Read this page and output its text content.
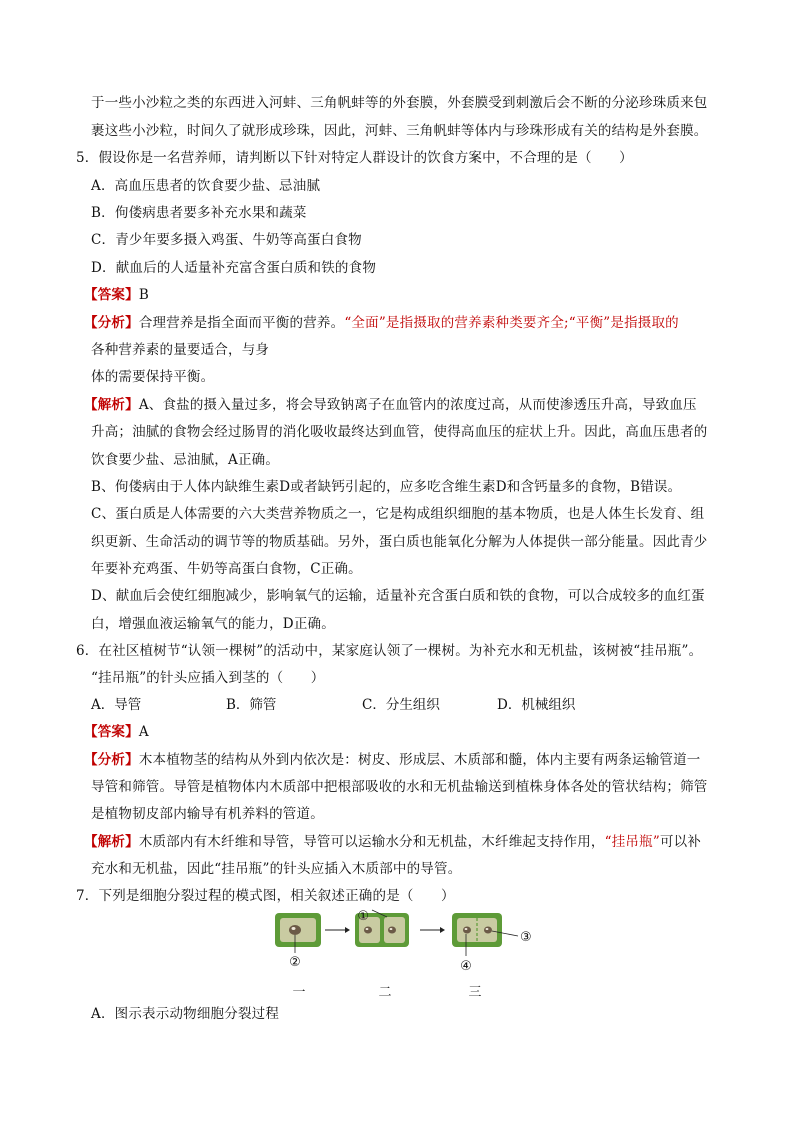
于一些小沙粒之类的东西进入河蚌、三角帆蚌等的外套膜，外套膜受到刺激后会不断的分泌珍珠质来包
裹这些小沙粒，时间久了就形成珍珠，因此，河蚌、三角帆蚌等体内与珍珠形成有关的结构是外套膜。
5．假设你是一名营养师，请判断以下针对特定人群设计的饮食方案中，不合理的是（　　）
A．高血压患者的饮食要少盐、忌油腻
B．佝偻病患者要多补充水果和蔬菜
C．青少年要多摄入鸡蛋、牛奶等高蛋白食物
D．献血后的人适量补充富含蛋白质和铁的食物
【答案】B
【分析】合理营养是指全面而平衡的营养。“全面”是指摄取的营养素种类要齐全;“平衡”是指摄取的
各种营养素的量要适合，与身
体的需要保持平衡。
【解析】A、食盐的摄入量过多，将会导致钠离子在血管内的浓度过高，从而使渗透压升高，导致血压
升高；油腻的食物会经过肠胃的消化吸收最终达到血管，使得高血压的症状上升。因此，高血压患者的
饮食要少盐、忌油腻，A正确。
B、佝偻病由于人体内缺维生素D或者缺钙引起的，应多吃含维生素D和含钙量多的食物，B错误。
C、蛋白质是人体需要的六大类营养物质之一，它是构成组织细胞的基本物质，也是人体生长发育、组
织更新、生命活动的调节等的物质基础。另外，蛋白质也能氧化分解为人体提供一部分能量。因此青少
年要补充鸡蛋、牛奶等高蛋白食物，C正确。
D、献血后会使红细胞减少，影响氧气的运输，适量补充含蛋白质和铁的食物，可以合成较多的血红蛋
白，增强血液运输氧气的能力，D正确。
6．在社区植树节“认领一棵树”的活动中，某家庭认领了一棵树。为补充水和无机盐，该树被“挂吊瓶”。
“挂吊瓶”的针头应插入到茎的（　　）
A．导管	B．筛管	C．分生组织	D．机械组织
【答案】A
【分析】木本植物茎的结构从外到内依次是：树皮、形成层、木质部和髓，体内主要有两条运输管道一
导管和筛管。导管是植物体内木质部中把根部吸收的水和无机盐输送到植株身体各处的管状结构；筛管
是植物韧皮部内输导有机养料的管道。
【解析】木质部内有木纤维和导管，导管可以运输水分和无机盐，木纤维起支持作用，“挂吊瓶”可以补
充水和无机盐，因此“挂吊瓶”的针头应插入木质部中的导管。
7．下列是细胞分裂过程的模式图，相关叙述正确的是（　　）
①
③
④
②
一	二	三
A．图示表示动物细胞分裂过程
